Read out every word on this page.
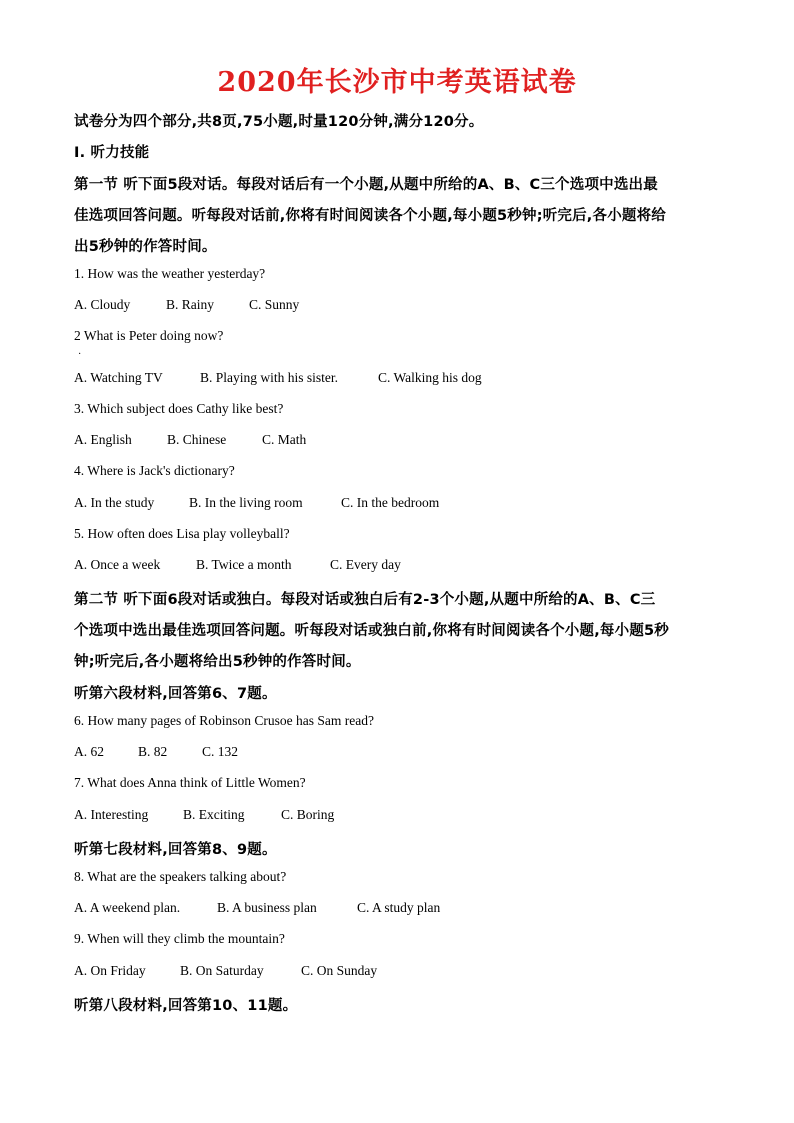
2020年长沙市中考英语试卷
试卷分为四个部分,共8页,75小题,时量120分钟,满分120分。
I. 听力技能
第一节 听下面5段对话。每段对话后有一个小题,从题中所给的A、B、C三个选项中选出最
佳选项回答问题。听每段对话前,你将有时间阅读各个小题,每小题5秒钟;听完后,各小题将给
出5秒钟的作答时间。
1. How was the weather yesterday?
A. Cloudy	B. Rainy	C. Sunny
2 What is Peter doing now?
·
A. Watching TV	B. Playing with his sister.	C. Walking his dog
3. Which subject does Cathy like best?
A. English	B. Chinese	C. Math
4. Where is Jack's dictionary?
A. In the study	B. In the living room	C. In the bedroom
5. How often does Lisa play volleyball?
A. Once a week	B. Twice a month	C. Every day
第二节 听下面6段对话或独白。每段对话或独白后有2-3个小题,从题中所给的A、B、C三
个选项中选出最佳选项回答问题。听每段对话或独白前,你将有时间阅读各个小题,每小题5秒
钟;听完后,各小题将给出5秒钟的作答时间。
听第六段材料,回答第6、7题。
6. How many pages of Robinson Crusoe has Sam read?
A. 62	B. 82	C. 132
7. What does Anna think of Little Women?
A. Interesting	B. Exciting	C. Boring
听第七段材料,回答第8、9题。
8. What are the speakers talking about?
A. A weekend plan.	B. A business plan	C. A study plan
9. When will they climb the mountain?
A. On Friday	B. On Saturday	C. On Sunday
听第八段材料,回答第10、11题。
